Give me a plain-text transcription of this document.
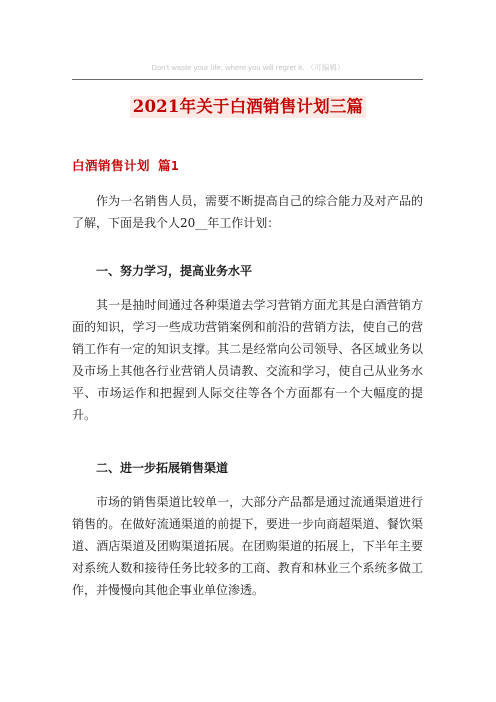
Don't waste your life, where you will regret it. （可编辑）
2021年关于白酒销售计划三篇
白酒销售计划 篇1

作为一名销售人员，需要不断提高自己的综合能力及对产品的了解，下面是我个人20__年工作计划：

一、努力学习，提高业务水平

其一是抽时间通过各种渠道去学习营销方面尤其是白酒营销方面的知识，学习一些成功营销案例和前沿的营销方法，使自己的营销工作有一定的知识支撑。其二是经常向公司领导、各区域业务以及市场上其他各行业营销人员请教、交流和学习，使自己从业务水平、市场运作和把握到人际交往等各个方面都有一个大幅度的提升。

二、进一步拓展销售渠道

市场的销售渠道比较单一，大部分产品都是通过流通渠道进行销售的。在做好流通渠道的前提下，要进一步向商超渠道、餐饮渠道、酒店渠道及团购渠道拓展。在团购渠道的拓展上，下半年主要对系统人数和接待任务比较多的工商、教育和林业三个系统多做工作，并慢慢向其他企事业单位渗透。
